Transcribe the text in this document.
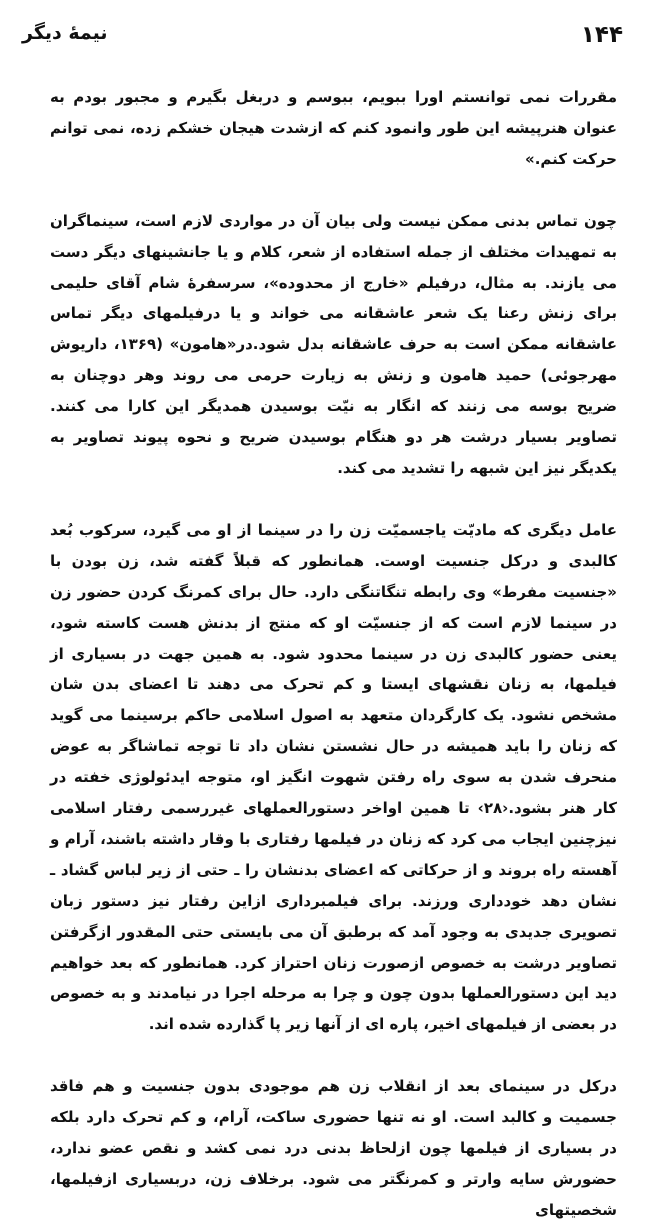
۱۴۴
نیمهٔ دیگر

مقررات نمی توانستم اورا ببویم، ببوسم و دربغل بگیرم و مجبور بودم به عنوان هنرپیشه این طور وانمود کنم که ازشدت هیجان خشکم زده، نمی توانم حرکت کنم.»

چون تماس بدنی ممکن نیست ولی بیان آن در مواردی لازم است، سینماگران به تمهیدات مختلف از جمله استفاده از شعر، کلام و یا جانشینهای دیگر دست می یازند. به مثال، درفیلم «خارج از محدوده»، سرسفرهٔ شام آقای حلیمی برای زنش رعنا یک شعر عاشقانه می خواند و یا درفیلمهای دیگر تماس عاشقانه ممکن است به حرف عاشقانه بدل شود.در«هامون» (۱۳۶۹، داریوش مهرجوئی) حمید هامون و زنش به زیارت حرمی می روند وهر دوچنان به ضریح بوسه می زنند که انگار به نیّت بوسیدن همدیگر این کارا می کنند. تصاویر بسیار درشت هر دو هنگام بوسیدن ضریح و نحوه پیوند تصاویر به یکدیگر نیز این شبهه را تشدید می کند.

عامل دیگری که مادیّت یاجسمیّت زن را در سینما از او می گیرد، سرکوب بُعد کالبدی و درکل جنسیت اوست. همانطور که قبلاً گفته شد، زن بودن با «جنسیت مفرط» وی رابطه تنگاتنگی دارد. حال برای کمرنگ کردن حضور زن در سینما لازم است که از جنسیّت او که منتج از بدنش هست کاسته شود، یعنی حضور کالبدی زن در سینما محدود شود. به همین جهت در بسیاری از فیلمها، به زنان نقشهای ایستا و کم تحرک می دهند تا اعضای بدن شان مشخص نشود. یک کارگردان متعهد به اصول اسلامی حاکم برسینما می گوید که زنان را باید همیشه در حال نشستن نشان داد تا توجه تماشاگر به عوض منحرف شدن به سوی راه رفتن شهوت انگیز او، متوجه ایدئولوژی خفته در کار هنر بشود.‹۲۸› تا همین اواخر دستورالعملهای غیررسمی رفتار اسلامی نیزچنین ایجاب می کرد که زنان در فیلمها رفتاری با وقار داشته باشند، آرام و آهسته راه بروند و از حرکاتی که اعضای بدنشان را ـ حتی از زیر لباس گشاد ـ نشان دهد خودداری ورزند. برای فیلمبرداری ازاین رفتار نیز دستور زبان تصویری جدیدی به وجود آمد که برطبق آن می بایستی حتی المقدور ازگرفتن تصاویر درشت به خصوص ازصورت زنان احتراز کرد. همانطور که بعد خواهیم دید این دستورالعملها بدون چون و چرا به مرحله اجرا در نیامدند و به خصوص در بعضی از فیلمهای اخیر، پاره ای از آنها زیر پا گذارده شده اند.

درکل در سینمای بعد از انقلاب زن هم موجودی بدون جنسیت و هم فاقد جسمیت و کالبد است. او نه تنها حضوری ساکت، آرام، و کم تحرک دارد بلکه در بسیاری از فیلمها چون ازلحاظ بدنی درد نمی کشد و نقص عضو ندارد، حضورش سایه وارتر و کمرنگتر می شود. برخلاف زن، دربسیاری ازفیلمها، شخصیتهای
